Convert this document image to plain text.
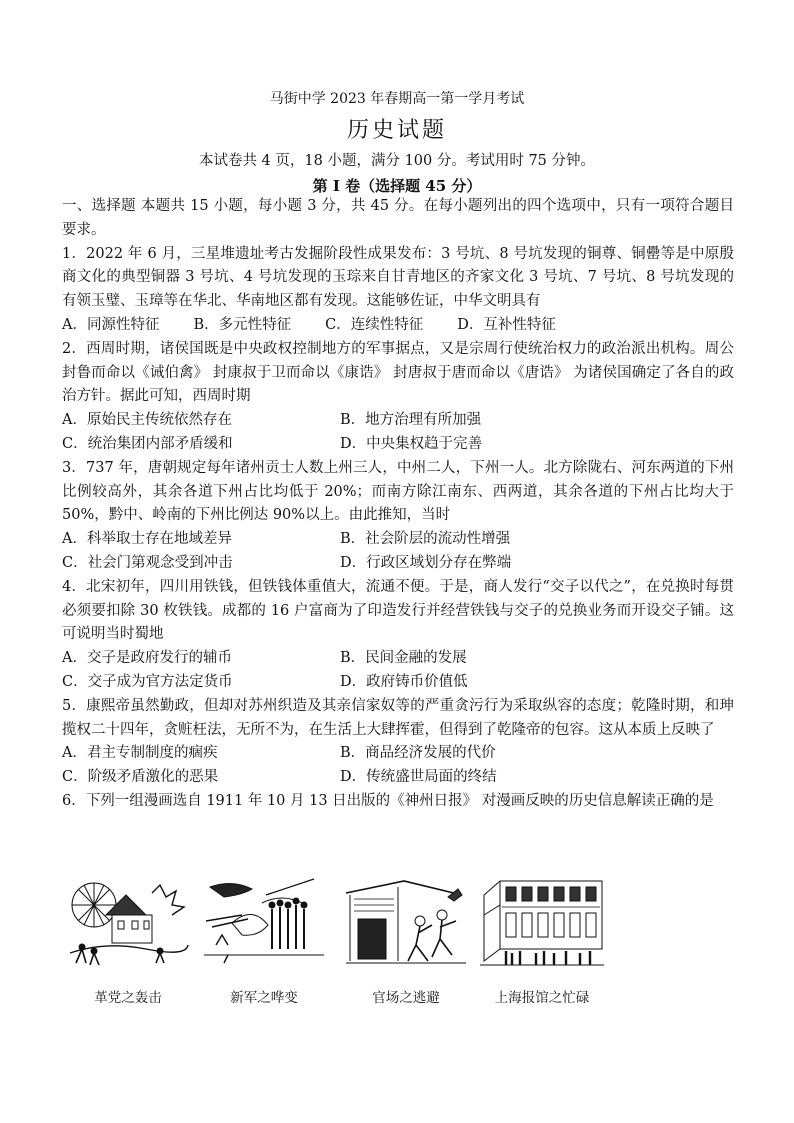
马街中学 2023 年春期高一第一学月考试
历史试题
本试卷共 4 页，18 小题，满分 100 分。考试用时 75 分钟。
第 I 卷（选择题 45 分）

一、选择题 本题共 15 小题，每小题 3 分，共 45 分。在每小题列出的四个选项中，只有一项符合题目要求。

1．2022 年 6 月，三星堆遗址考古发掘阶段性成果发布：3 号坑、8 号坑发现的铜尊、铜罍等是中原殷商文化的典型铜器 3 号坑、4 号坑发现的玉琮来自甘青地区的齐家文化 3 号坑、7 号坑、8 号坑发现的有领玉璧、玉璋等在华北、华南地区都有发现。这能够佐证，中华文明具有

A．同源性特征 B．多元性特征 C．连续性特征 D．互补性特征

2．西周时期，诸侯国既是中央政权控制地方的军事据点，又是宗周行使统治权力的政治派出机构。周公封鲁而命以《诫伯禽》 封康叔于卫而命以《康诰》 封唐叔于唐而命以《唐诰》 为诸侯国确定了各自的政治方针。据此可知，西周时期

A．原始民主传统依然存在	B．地方治理有所加强
C．统治集团内部矛盾缓和	D．中央集权趋于完善

3．737 年，唐朝规定每年诸州贡士人数上州三人，中州二人，下州一人。北方除陇右、河东两道的下州比例较高外，其余各道下州占比均低于 20%；而南方除江南东、西两道，其余各道的下州占比均大于 50%，黔中、岭南的下州比例达 90%以上。由此推知，当时

A．科举取士存在地域差异	B．社会阶层的流动性增强
C．社会门第观念受到冲击	D．行政区域划分存在弊端

4．北宋初年，四川用铁钱，但铁钱体重值大，流通不便。于是，商人发行“交子以代之”，在兑换时每贯必须要扣除 30 枚铁钱。成都的 16 户富商为了印造发行并经营铁钱与交子的兑换业务而开设交子铺。这可说明当时蜀地

A．交子是政府发行的辅币	B．民间金融的发展
C．交子成为官方法定货币	D．政府铸币价值低

5．康熙帝虽然勤政，但却对苏州织造及其亲信家奴等的严重贪污行为采取纵容的态度；乾隆时期，和珅揽权二十四年，贪赃枉法，无所不为，在生活上大肆挥霍，但得到了乾隆帝的包容。这从本质上反映了

A．君主专制制度的痼疾	B．商品经济发展的代价
C．阶级矛盾激化的恶果	D．传统盛世局面的终结

6．下列一组漫画选自 1911 年 10 月 13 日出版的《神州日报》 对漫画反映的历史信息解读正确的是

革党之轰击	新军之哗变	官场之逃避	上海报馆之忙碌
